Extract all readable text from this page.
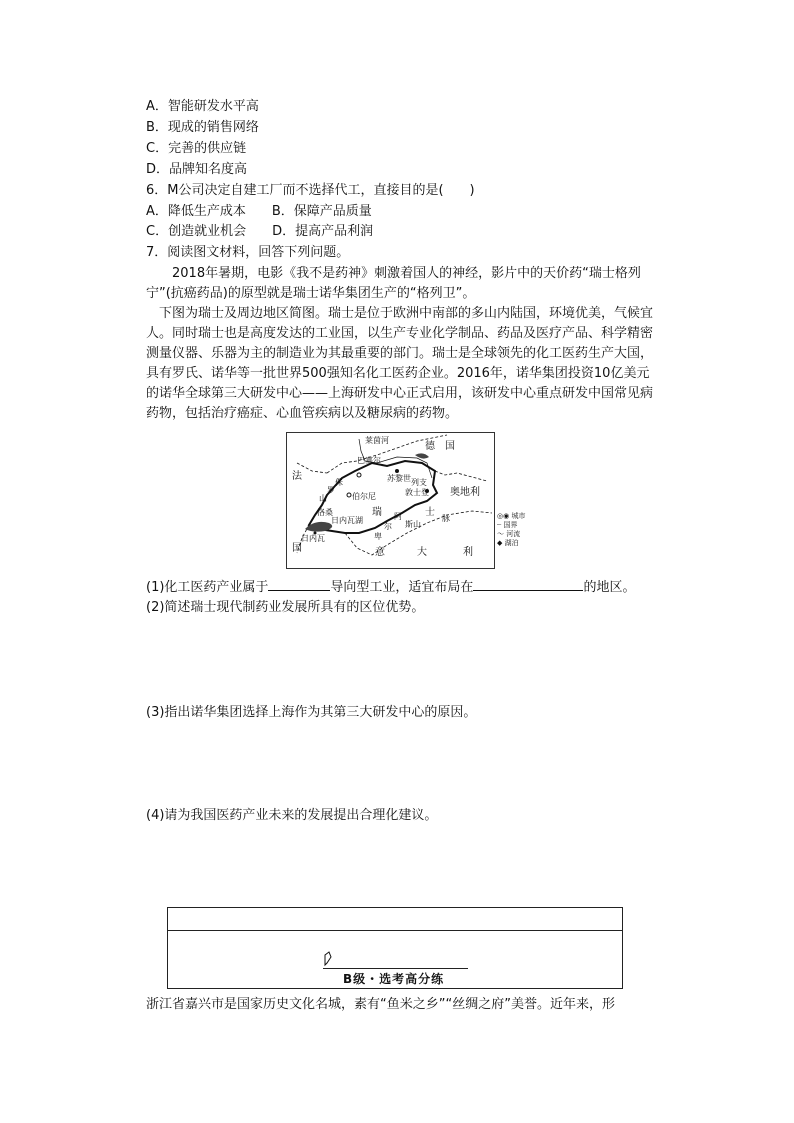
A．智能研发水平高
B．现成的销售网络
C．完善的供应链
D．品牌知名度高
6．M公司决定自建工厂而不选择代工，直接目的是(　　)
A．降低生产成本　　B．保障产品质量
C．创造就业机会　　D．提高产品利润
7．阅读图文材料，回答下列问题。
2018年暑期，电影《我不是药神》刺激着国人的神经，影片中的天价药“瑞士格列宁”(抗癌药品)的原型就是瑞士诺华集团生产的“格列卫”。
下图为瑞士及周边地区简图。瑞士是位于欧洲中南部的多山内陆国，环境优美，气候宜人。同时瑞士也是高度发达的工业国，以生产专业化学制品、药品及医疗产品、科学精密测量仪器、乐器为主的制造业为其最重要的部门。瑞士是全球领先的化工医药生产大国，具有罗氏、诺华等一批世界500强知名化工医药企业。2016年，诺华集团投资10亿美元的诺华全球第三大研发中心——上海研发中心正式启用，该研发中心重点研发中国常见病药物，包括治疗癌症、心血管疾病以及糖尿病的药物。
莱茵河
德　国
法
国
巴塞尔
苏黎世
伯尔尼
列支
敦士登 奥地利
侏
罗
山
洛桑	瑞	士
日内瓦湖
日内瓦
阿
尔
卑
斯山
脉
意	大	利
◎◉ 城市
┈ 国界
〜 河流
◆ 湖泊
(1)化工医药产业属于	导向型工业，适宜布局在	的地区。
(2)简述瑞士现代制药业发展所具有的区位优势。
(3)指出诺华集团选择上海作为其第三大研发中心的原因。
(4)请为我国医药产业未来的发展提出合理化建议。
B级・选考高分练
浙江省嘉兴市是国家历史文化名城，素有“鱼米之乡”“丝绸之府”美誉。近年来，形
